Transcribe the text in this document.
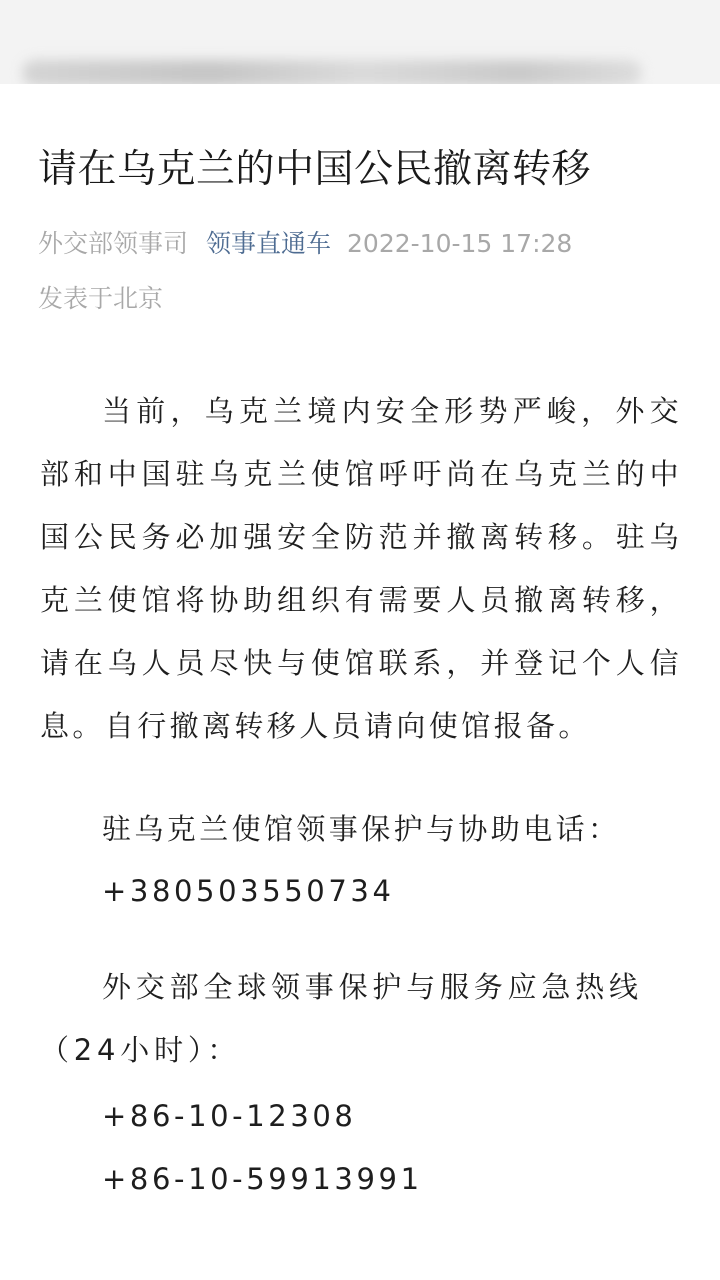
请在乌克兰的中国公民撤离转移
外交部领事司 领事直通车 2022-10-15 17:28
发表于北京

当前，乌克兰境内安全形势严峻，外交部和中国驻乌克兰使馆呼吁尚在乌克兰的中国公民务必加强安全防范并撤离转移。驻乌克兰使馆将协助组织有需要人员撤离转移，请在乌人员尽快与使馆联系，并登记个人信息。自行撤离转移人员请向使馆报备。

驻乌克兰使馆领事保护与协助电话：
+380503550734

外交部全球领事保护与服务应急热线（24小时）：

+86-10-12308
+86-10-59913991
